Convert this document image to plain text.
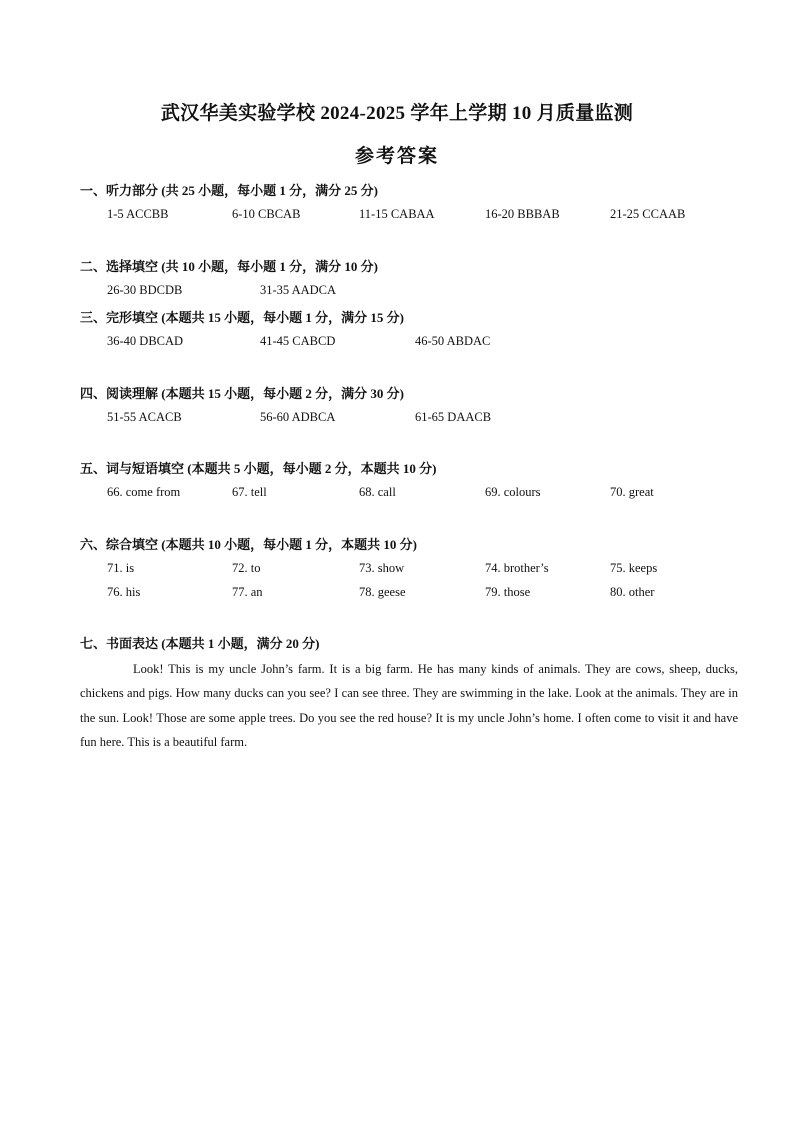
武汉华美实验学校 2024-2025 学年上学期 10 月质量监测
参考答案
一、听力部分 (共 25 小题，每小题 1 分，满分 25 分)
1-5 ACCBB	6-10 CBCAB	11-15 CABAA	16-20 BBBAB	21-25 CCAAB
二、选择填空 (共 10 小题，每小题 1 分，满分 10 分)
26-30 BDCDB	31-35 AADCA
三、完形填空 (本题共 15 小题，每小题 1 分，满分 15 分)
36-40 DBCAD	41-45 CABCD	46-50 ABDAC
四、阅读理解 (本题共 15 小题，每小题 2 分，满分 30 分)
51-55 ACACB	56-60 ADBCA	61-65 DAACB
五、词与短语填空 (本题共 5 小题，每小题 2 分，本题共 10 分)
66. come from	67. tell	68. call	69. colours	70. great
六、综合填空 (本题共 10 小题，每小题 1 分，本题共 10 分)
71. is	72. to	73. show	74. brother’s	75. keeps
76. his	77. an	78. geese	79. those	80. other
七、书面表达 (本题共 1 小题，满分 20 分)
Look! This is my uncle John’s farm. It is a big farm. He has many kinds of animals. They are cows, sheep, ducks, chickens and pigs. How many ducks can you see? I can see three. They are swimming in the lake. Look at the animals. They are in the sun. Look! Those are some apple trees. Do you see the red house? It is my uncle John’s home. I often come to visit it and have fun here. This is a beautiful farm.
